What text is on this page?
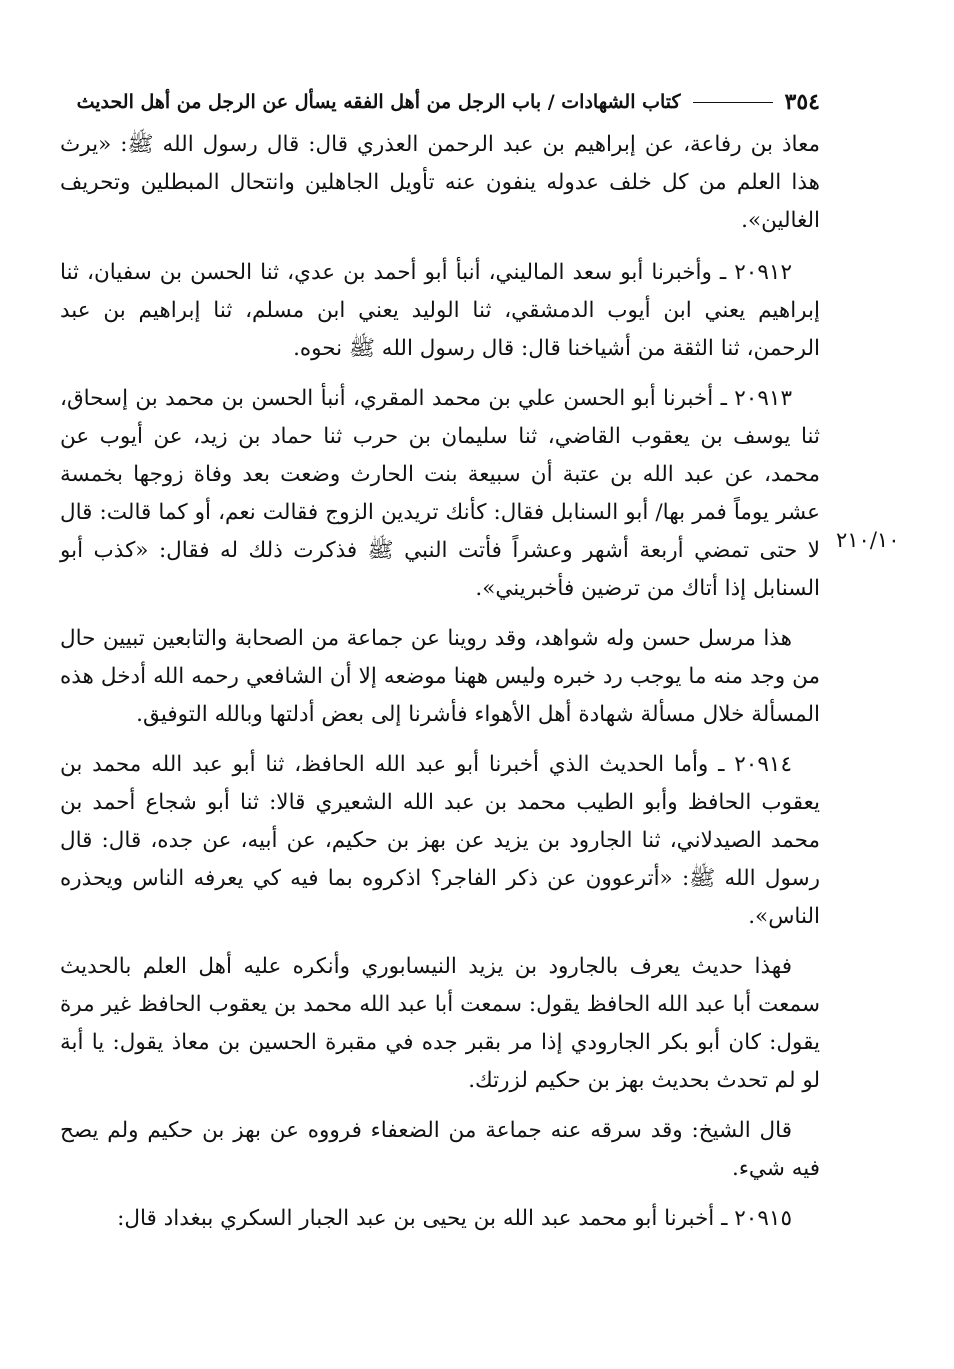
٣٥٤
كتاب الشهادات / باب الرجل من أهل الفقه يسأل عن الرجل من أهل الحديث

معاذ بن رفاعة، عن إبراهيم بن عبد الرحمن العذري قال: قال رسول الله ﷺ: «يرث هذا العلم من كل خلف عدوله ينفون عنه تأويل الجاهلين وانتحال المبطلين وتحريف الغالين».

٢٠٩١٢ ـ وأخبرنا أبو سعد الماليني، أنبأ أبو أحمد بن عدي، ثنا الحسن بن سفيان، ثنا إبراهيم يعني ابن أيوب الدمشقي، ثنا الوليد يعني ابن مسلم، ثنا إبراهيم بن عبد الرحمن، ثنا الثقة من أشياخنا قال: قال رسول الله ﷺ نحوه.

٢٠٩١٣ ـ أخبرنا أبو الحسن علي بن محمد المقري، أنبأ الحسن بن محمد بن إسحاق، ثنا يوسف بن يعقوب القاضي، ثنا سليمان بن حرب ثنا حماد بن زيد، عن أيوب عن محمد، عن عبد الله بن عتبة أن سبيعة بنت الحارث وضعت بعد وفاة زوجها بخمسة عشر يوماً فمر بها/ أبو السنابل فقال: كأنك تريدين الزوج فقالت نعم، أو كما قالت: قال لا حتى تمضي أربعة أشهر وعشراً فأتت النبي ﷺ فذكرت ذلك له فقال: «كذب أبو السنابل إذا أتاك من ترضين فأخبريني».

هذا مرسل حسن وله شواهد، وقد روينا عن جماعة من الصحابة والتابعين تبيين حال من وجد منه ما يوجب رد خبره وليس ههنا موضعه إلا أن الشافعي رحمه الله أدخل هذه المسألة خلال مسألة شهادة أهل الأهواء فأشرنا إلى بعض أدلتها وبالله التوفيق.

٢٠٩١٤ ـ وأما الحديث الذي أخبرنا أبو عبد الله الحافظ، ثنا أبو عبد الله محمد بن يعقوب الحافظ وأبو الطيب محمد بن عبد الله الشعيري قالا: ثنا أبو شجاع أحمد بن محمد الصيدلاني، ثنا الجارود بن يزيد عن بهز بن حكيم، عن أبيه، عن جده، قال: قال رسول الله ﷺ: «أترعوون عن ذكر الفاجر؟ اذكروه بما فيه كي يعرفه الناس ويحذره الناس».

فهذا حديث يعرف بالجارود بن يزيد النيسابوري وأنكره عليه أهل العلم بالحديث سمعت أبا عبد الله الحافظ يقول: سمعت أبا عبد الله محمد بن يعقوب الحافظ غير مرة يقول: كان أبو بكر الجارودي إذا مر بقبر جده في مقبرة الحسين بن معاذ يقول: يا أبة لو لم تحدث بحديث بهز بن حكيم لزرتك.

قال الشيخ: وقد سرقه عنه جماعة من الضعفاء فرووه عن بهز بن حكيم ولم يصح فيه شيء.

٢٠٩١٥ ـ أخبرنا أبو محمد عبد الله بن يحيى بن عبد الجبار السكري ببغداد قال:

٢١٠/١٠
